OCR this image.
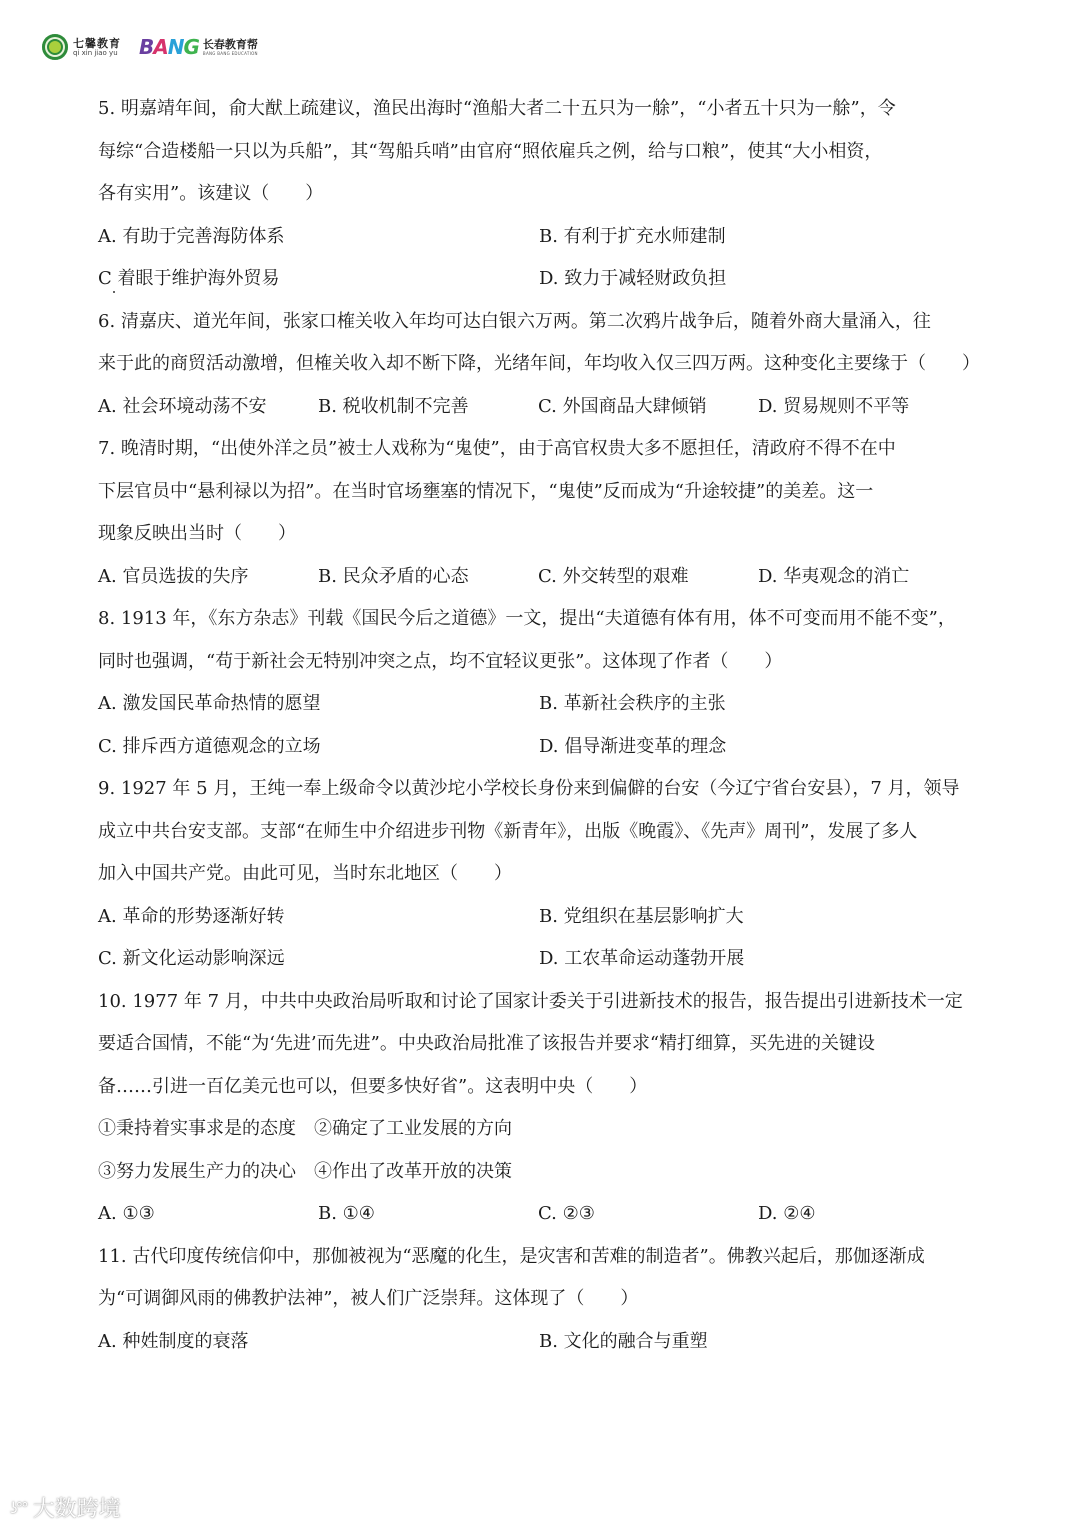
七馨教育
qi xin jiao yu BANG 长春教育帮
BANG BANG EDUCATION
5. 明嘉靖年间，俞大猷上疏建议，渔民出海时“渔船大者二十五只为一艅”，“小者五十只为一艅”，令
每综“合造楼船一只以为兵船”，其“驾船兵哨”由官府“照依雇兵之例，给与口粮”，使其“大小相资，
各有实用”。该建议（　　）
A. 有助于完善海防体系	B. 有利于扩充水师建制
C 着眼于维护海外贸易	D. 致力于减轻财政负担
6. 清嘉庆、道光年间，张家口榷关收入年均可达白银六万两。第二次鸦片战争后，随着外商大量涌入，往
来于此的商贸活动激增，但榷关收入却不断下降，光绪年间，年均收入仅三四万两。这种变化主要缘于（　　）
A. 社会环境动荡不安	B. 税收机制不完善	C. 外国商品大肆倾销	D. 贸易规则不平等
7. 晚清时期，“出使外洋之员”被士人戏称为“鬼使”，由于高官权贵大多不愿担任，清政府不得不在中
下层官员中“悬利禄以为招”。在当时官场壅塞的情况下，“鬼使”反而成为“升途较捷”的美差。这一
现象反映出当时（　　）
A. 官员选拔的失序	B. 民众矛盾的心态	C. 外交转型的艰难	D. 华夷观念的消亡
8. 1913 年，《东方杂志》刊载《国民今后之道德》一文，提出“夫道德有体有用，体不可变而用不能不变”，
同时也强调，“苟于新社会无特别冲突之点，均不宜轻议更张”。这体现了作者（　　）
A. 激发国民革命热情的愿望	B. 革新社会秩序的主张
C. 排斥西方道德观念的立场	D. 倡导渐进变革的理念
9. 1927 年 5 月，王纯一奉上级命令以黄沙坨小学校长身份来到偏僻的台安（今辽宁省台安县），7 月，领导
成立中共台安支部。支部“在师生中介绍进步刊物《新青年》，出版《晚霞》、《先声》周刊”，发展了多人
加入中国共产党。由此可见，当时东北地区（　　）
A. 革命的形势逐渐好转	B. 党组织在基层影响扩大
C. 新文化运动影响深远	D. 工农革命运动蓬勃开展
10. 1977 年 7 月，中共中央政治局听取和讨论了国家计委关于引进新技术的报告，报告提出引进新技术一定
要适合国情，不能“为‘先进’而先进”。中央政治局批准了该报告并要求“精打细算，买先进的关键设
备……引进一百亿美元也可以，但要多快好省”。这表明中央（　　）
①秉持着实事求是的态度　②确定了工业发展的方向
③努力发展生产力的决心　④作出了改革开放的决策
A. ①③	B. ①④	C. ②③	D. ②④
11. 古代印度传统信仰中，那伽被视为“恶魔的化生，是灾害和苦难的制造者”。佛教兴起后，那伽逐渐成
为“可调御风雨的佛教护法神”，被人们广泛崇拜。这体现了（　　）
A. 种姓制度的衰落	B. 文化的融合与重塑
ʖ°° 大数跨境
